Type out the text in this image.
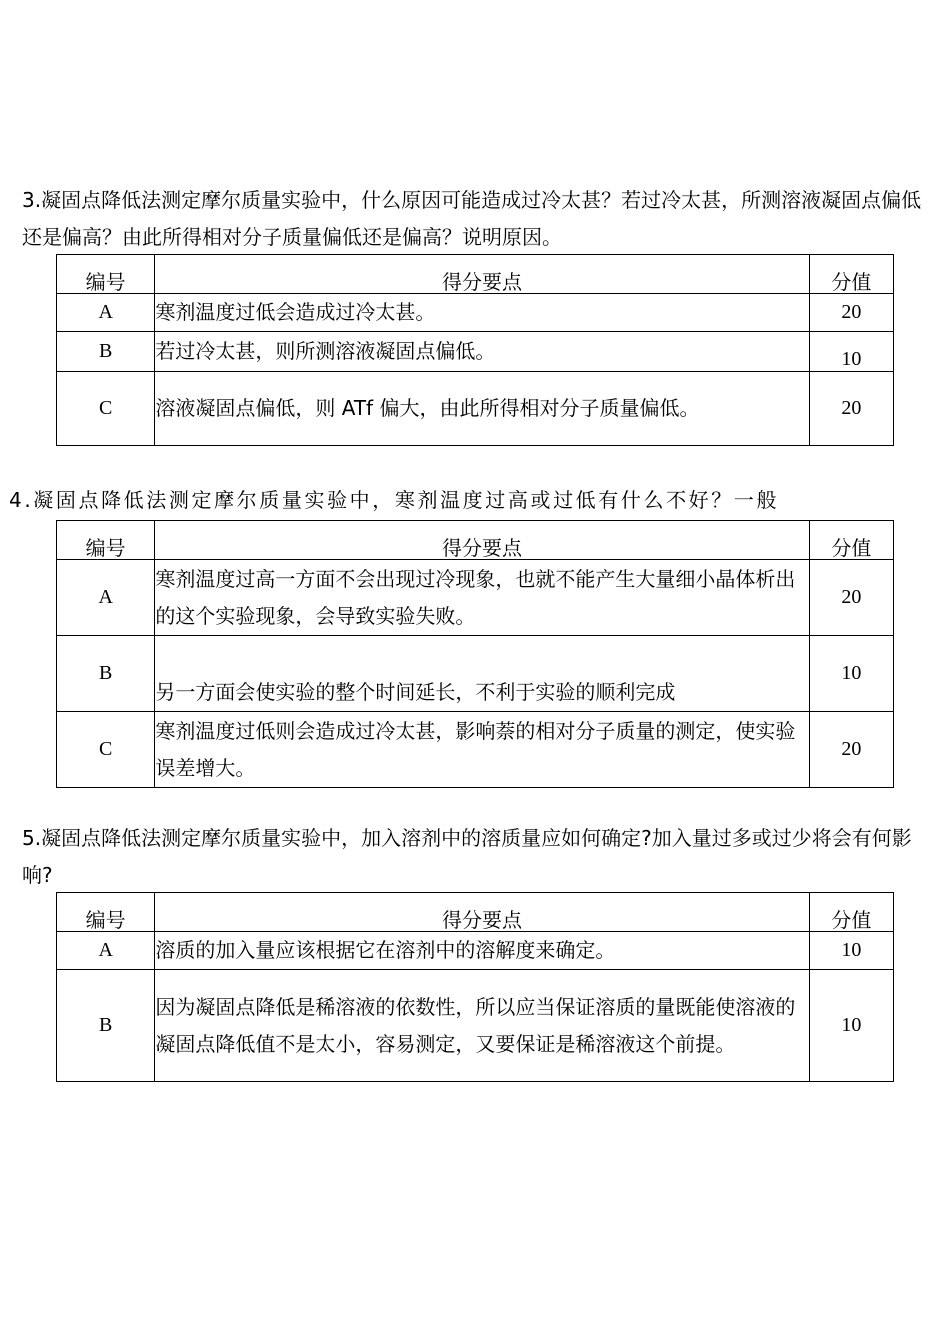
3.凝固点降低法测定摩尔质量实验中，什么原因可能造成过冷太甚？若过冷太甚，所测溶液凝固点偏低还是偏高？由此所得相对分子质量偏低还是偏高？说明原因。

编号	得分要点	分值
A	寒剂温度过低会造成过冷太甚。	20
B	若过冷太甚，则所测溶液凝固点偏低。	10
C	溶液凝固点偏低，则 ATf 偏大，由此所得相对分子质量偏低。	20

4.凝固点降低法测定摩尔质量实验中，寒剂温度过高或过低有什么不好？一般

编号	得分要点	分值
A	寒剂温度过高一方面不会出现过冷现象，也就不能产生大量细小晶体析出的这个实验现象，会导致实验失败。	20
B	另一方面会使实验的整个时间延长，不利于实验的顺利完成	10
C	寒剂温度过低则会造成过冷太甚，影响萘的相对分子质量的测定，使实验误差增大。	20

5.凝固点降低法测定摩尔质量实验中，加入溶剂中的溶质量应如何确定?加入量过多或过少将会有何影响?

编号	得分要点	分值
A	溶质的加入量应该根据它在溶剂中的溶解度来确定。	10
B	因为凝固点降低是稀溶液的依数性，所以应当保证溶质的量既能使溶液的凝固点降低值不是太小，容易测定，又要保证是稀溶液这个前提。	10
